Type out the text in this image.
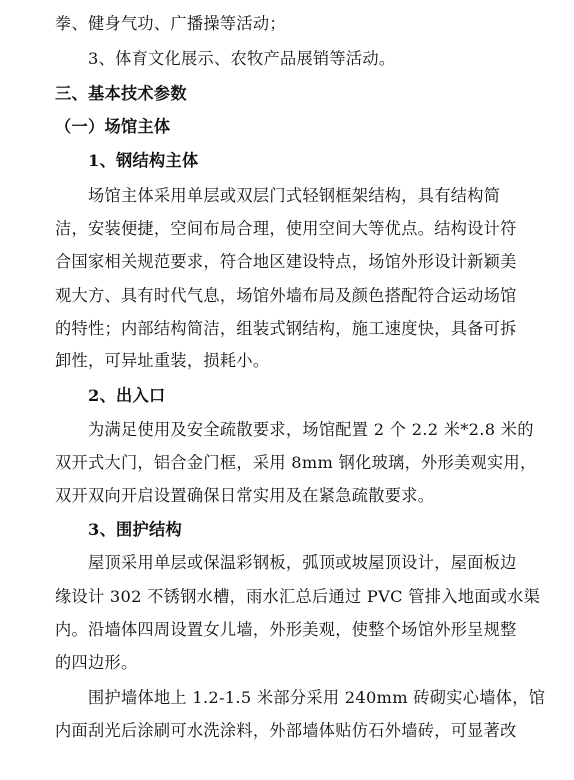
拳、健身气功、广播操等活动；
3、体育文化展示、农牧产品展销等活动。
三、基本技术参数
（一）场馆主体
1、钢结构主体
场馆主体采用单层或双层门式轻钢框架结构，具有结构简
洁，安装便捷，空间布局合理，使用空间大等优点。结构设计符
合国家相关规范要求，符合地区建设特点，场馆外形设计新颖美
观大方、具有时代气息，场馆外墙布局及颜色搭配符合运动场馆
的特性；内部结构简洁，组装式钢结构，施工速度快，具备可拆
卸性，可异址重装，损耗小。
2、出入口
为满足使用及安全疏散要求，场馆配置 2 个 2.2 米*2.8 米的
双开式大门，铝合金门框，采用 8mm 钢化玻璃，外形美观实用，
双开双向开启设置确保日常实用及在紧急疏散要求。
3、围护结构
屋顶采用单层或保温彩钢板，弧顶或坡屋顶设计，屋面板边
缘设计 302 不锈钢水槽，雨水汇总后通过 PVC 管排入地面或水渠
内。沿墙体四周设置女儿墙，外形美观，使整个场馆外形呈规整
的四边形。
围护墙体地上 1.2-1.5 米部分采用 240mm 砖砌实心墙体，馆
内面刮光后涂刷可水洗涂料，外部墙体贴仿石外墙砖，可显著改
